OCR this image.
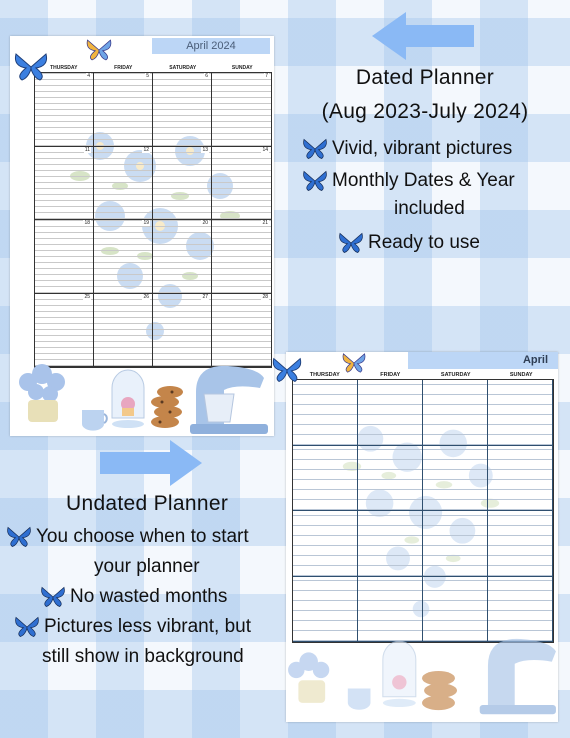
April 2024
THURSDAY	FRIDAY	SATURDAY	SUNDAY
4	5	6	7
11	12	13	14
18	19	20	21
25	26	27	28
April
THURSDAY	FRIDAY	SATURDAY	SUNDAY
Dated Planner
(Aug 2023-July 2024)
Vivid, vibrant pictures
Monthly Dates & Year
included
Ready to use
Undated Planner
You choose when to start
your planner
No wasted months
Pictures less vibrant, but
still show in background
